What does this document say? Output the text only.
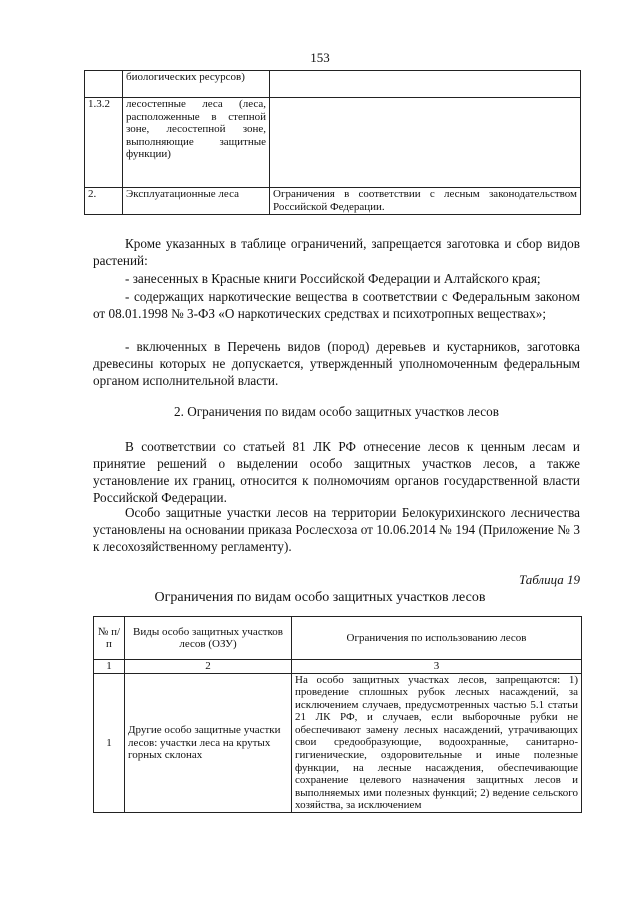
153
	биологических ресурсов)	
1.3.2	лесостепные леса (леса, расположенные в степной зоне, лесостепной зоне, выполняющие защитные функции)	
2.	Эксплуатационные леса	Ограничения в соответствии с лесным законодательством Российской Федерации.
Кроме указанных в таблице ограничений, запрещается заготовка и сбор видов растений:
- занесенных в Красные книги Российской Федерации и Алтайского края;
- содержащих наркотические вещества в соответствии с Федеральным законом от 08.01.1998 № 3-ФЗ «О наркотических средствах и психотропных веществах»;
- включенных в Перечень видов (пород) деревьев и кустарников, заготовка древесины которых не допускается, утвержденный уполномоченным федеральным органом исполнительной власти.
2. Ограничения по видам особо защитных участков лесов
В соответствии со статьей 81 ЛК РФ отнесение лесов к ценным лесам и принятие решений о выделении особо защитных участков лесов, а также установление их границ, относится к полномочиям органов государственной власти Российской Федерации.
Особо защитные участки лесов на территории Белокурихинского лесничества установлены на основании приказа Рослесхоза от 10.06.2014 № 194 (Приложение № 3 к лесохозяйственному регламенту).
Таблица 19
Ограничения по видам особо защитных участков лесов
№ п/п	Виды особо защитных участков лесов (ОЗУ)	Ограничения по использованию лесов
1	2	3
1	Другие особо защитные участки лесов: участки леса на крутых горных склонах	На особо защитных участках лесов, запрещаются: 1) проведение сплошных рубок лесных насаждений, за исключением случаев, предусмотренных частью 5.1 статьи 21 ЛК РФ, и случаев, если выборочные рубки не обеспечивают замену лесных насаждений, утрачивающих свои средообразующие, водоохранные, санитарно-гигиенические, оздоровительные и иные полезные функции, на лесные насаждения, обеспечивающие сохранение целевого назначения защитных лесов и выполняемых ими полезных функций; 2) ведение сельского хозяйства, за исключением
